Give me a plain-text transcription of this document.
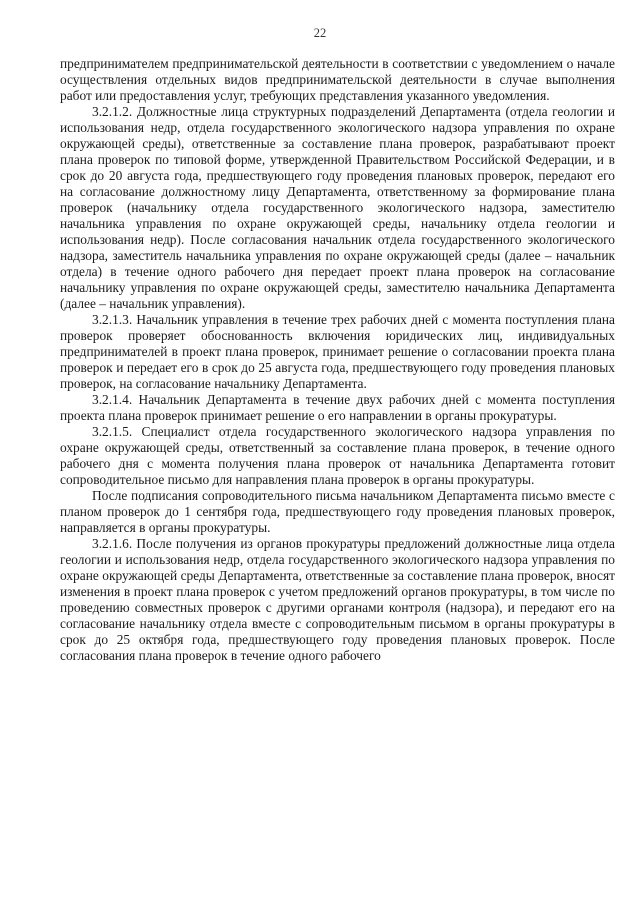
22

предпринимателем предпринимательской деятельности в соответствии с уведомлением о начале осуществления отдельных видов предпринимательской деятельности в случае выполнения работ или предоставления услуг, требующих представления указанного уведомления.

3.2.1.2. Должностные лица структурных подразделений Департамента (отдела геологии и использования недр, отдела государственного экологического надзора управления по охране окружающей среды), ответственные за составление плана проверок, разрабатывают проект плана проверок по типовой форме, утвержденной Правительством Российской Федерации, и в срок до 20 августа года, предшествующего году проведения плановых проверок, передают его на согласование должностному лицу Департамента, ответственному за формирование плана проверок (начальнику отдела государственного экологического надзора, заместителю начальника управления по охране окружающей среды, начальнику отдела геологии и использования недр). После согласования начальник отдела государственного экологического надзора, заместитель начальника управления по охране окружающей среды (далее – начальник отдела) в течение одного рабочего дня передает проект плана проверок на согласование начальнику управления по охране окружающей среды, заместителю начальника Департамента (далее – начальник управления).

3.2.1.3. Начальник управления в течение трех рабочих дней с момента поступления плана проверок проверяет обоснованность включения юридических лиц, индивидуальных предпринимателей в проект плана проверок, принимает решение о согласовании проекта плана проверок и передает его в срок до 25 августа года, предшествующего году проведения плановых проверок, на согласование начальнику Департамента.

3.2.1.4. Начальник Департамента в течение двух рабочих дней с момента поступления проекта плана проверок принимает решение о его направлении в органы прокуратуры.

3.2.1.5. Специалист отдела государственного экологического надзора управления по охране окружающей среды, ответственный за составление плана проверок, в течение одного рабочего дня с момента получения плана проверок от начальника Департамента готовит сопроводительное письмо для направления плана проверок в органы прокуратуры.

После подписания сопроводительного письма начальником Департамента письмо вместе с планом проверок до 1 сентября года, предшествующего году проведения плановых проверок, направляется в органы прокуратуры.

3.2.1.6. После получения из органов прокуратуры предложений должностные лица отдела геологии и использования недр, отдела государственного экологического надзора управления по охране окружающей среды Департамента, ответственные за составление плана проверок, вносят изменения в проект плана проверок с учетом предложений органов прокуратуры, в том числе по проведению совместных проверок с другими органами контроля (надзора), и передают его на согласование начальнику отдела вместе с сопроводительным письмом в органы прокуратуры в срок до 25 октября года, предшествующего году проведения плановых проверок. После согласования плана проверок в течение одного рабочего
